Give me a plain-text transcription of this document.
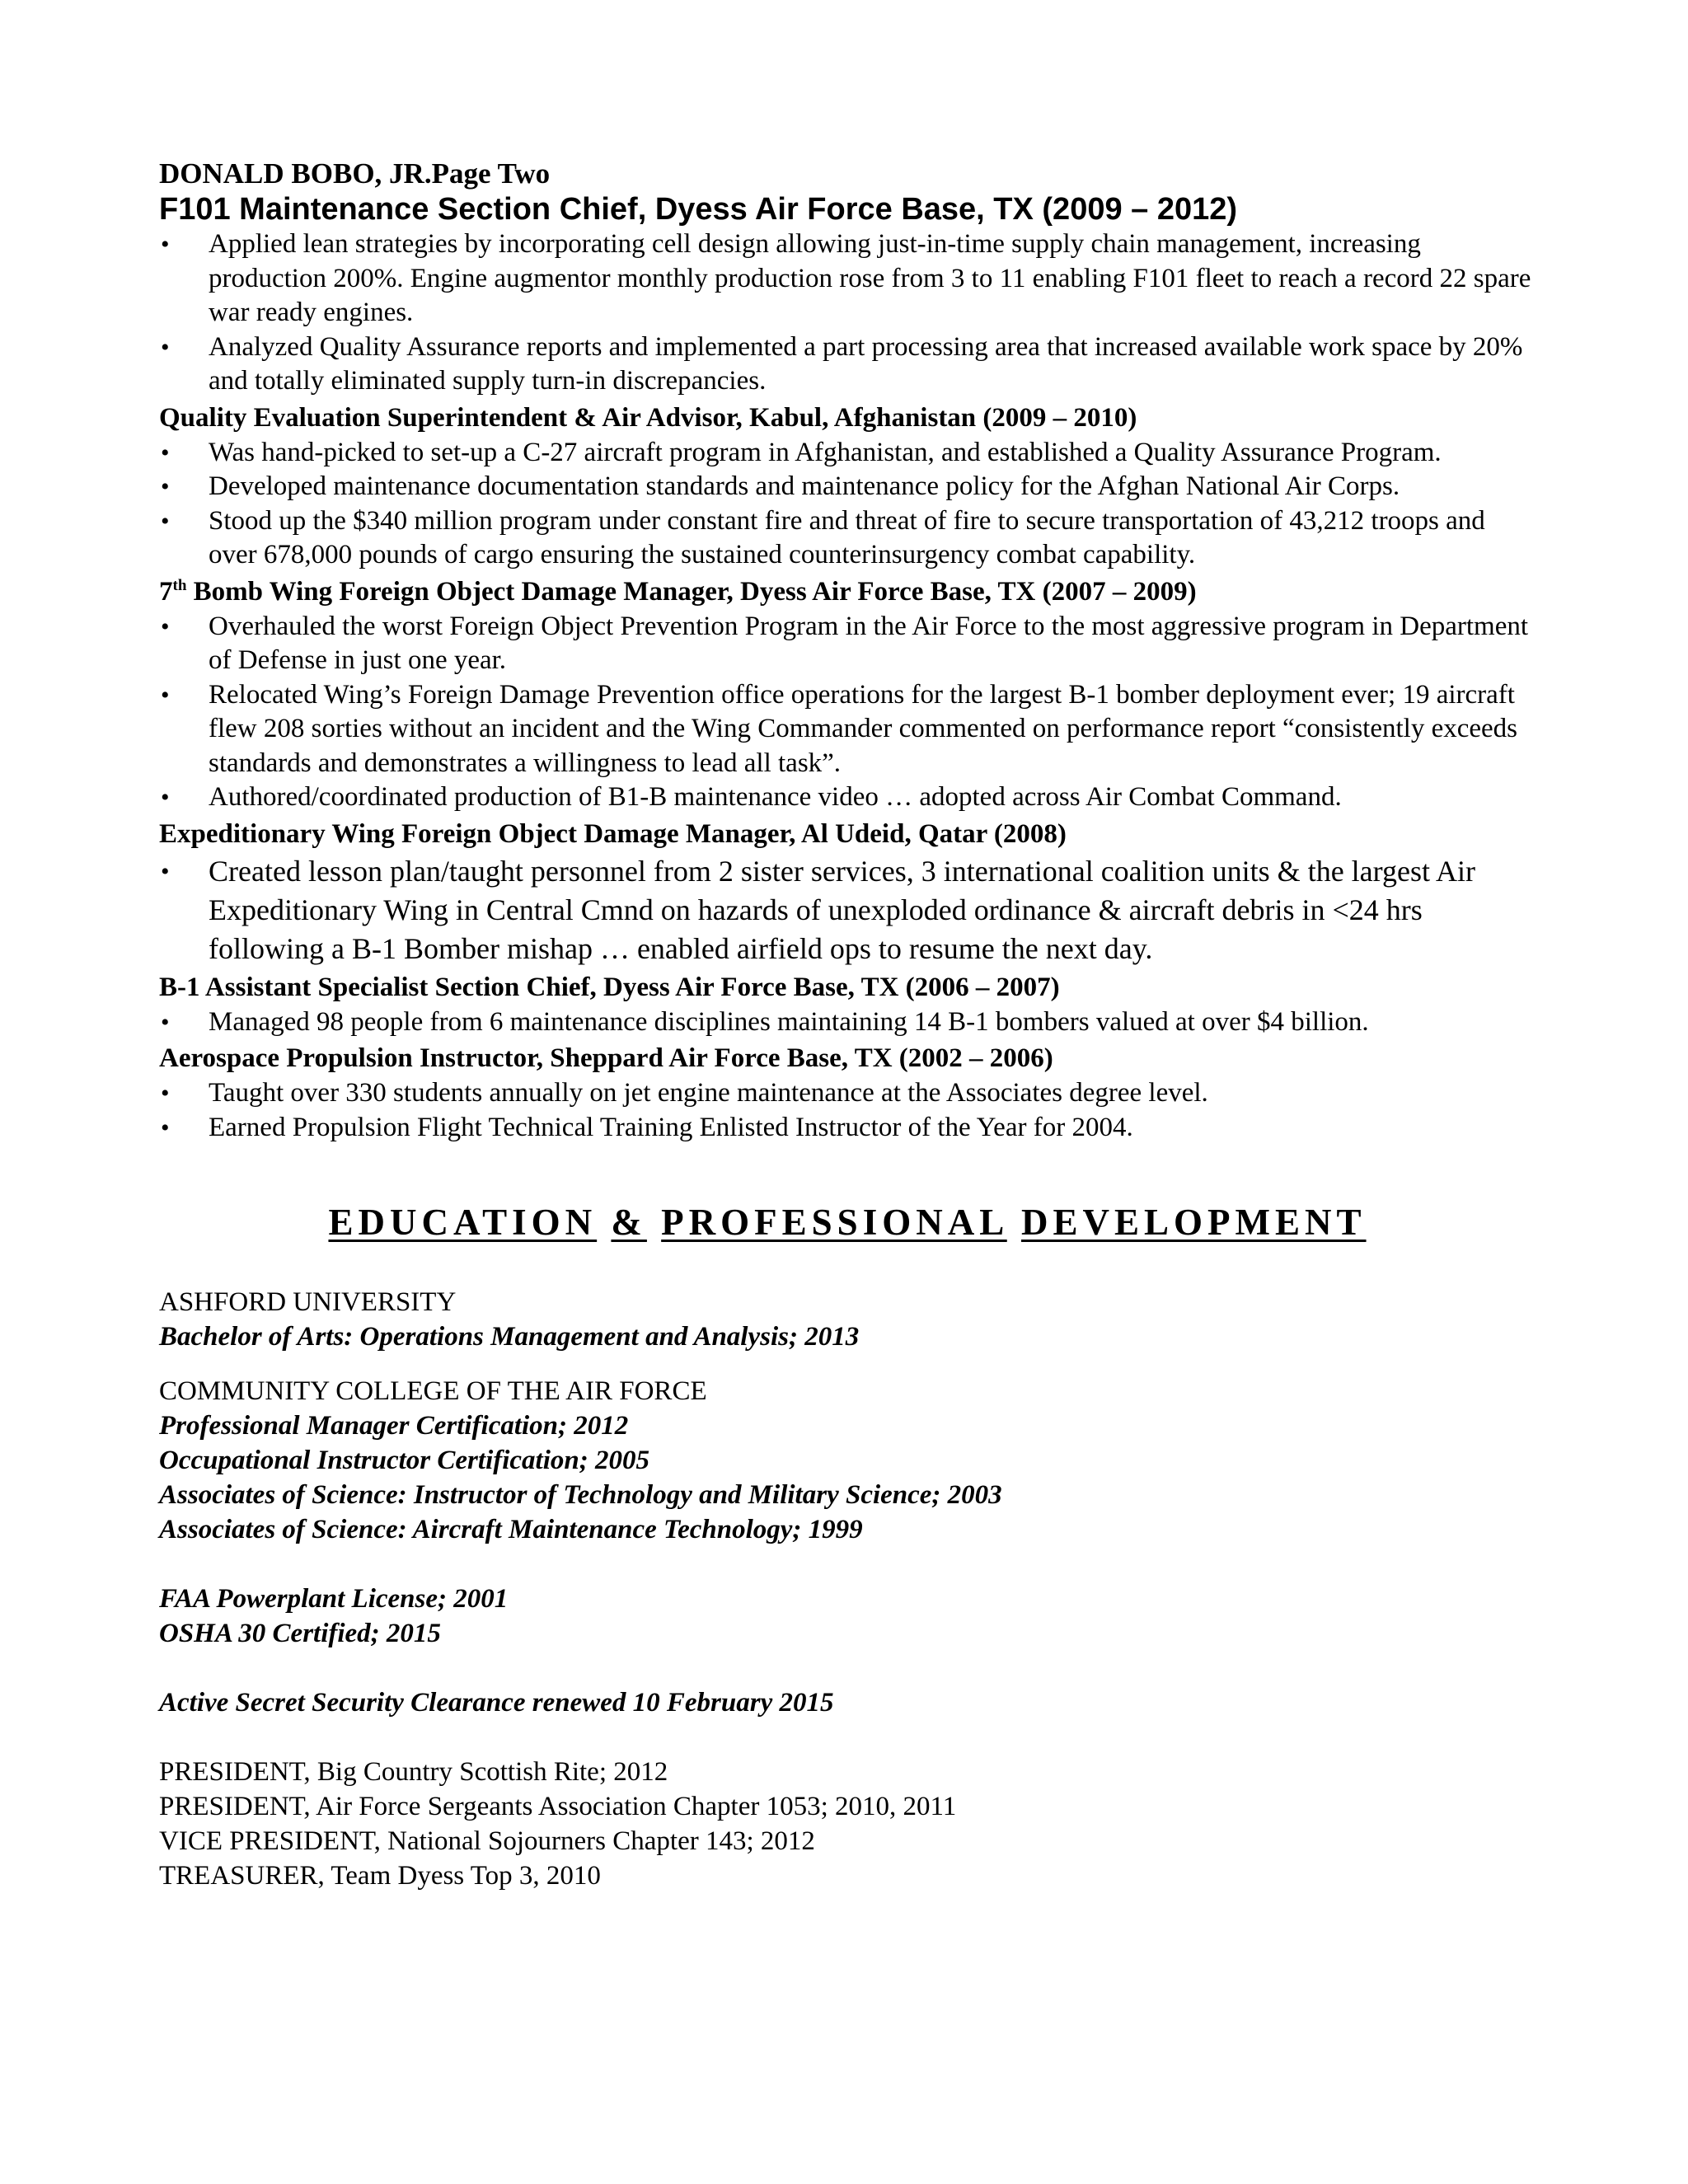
DONALD BOBO, JR.Page Two
F101 Maintenance Section Chief, Dyess Air Force Base, TX (2009 – 2012)
• Applied lean strategies by incorporating cell design allowing just-in-time supply chain management, increasing production 200%. Engine augmentor monthly production rose from 3 to 11 enabling F101 fleet to reach a record 22 spare war ready engines.
• Analyzed Quality Assurance reports and implemented a part processing area that increased available work space by 20% and totally eliminated supply turn-in discrepancies.
Quality Evaluation Superintendent & Air Advisor, Kabul, Afghanistan (2009 – 2010)
• Was hand-picked to set-up a C-27 aircraft program in Afghanistan, and established a Quality Assurance Program.
• Developed maintenance documentation standards and maintenance policy for the Afghan National Air Corps.
• Stood up the $340 million program under constant fire and threat of fire to secure transportation of 43,212 troops and over 678,000 pounds of cargo ensuring the sustained counterinsurgency combat capability.
7th Bomb Wing Foreign Object Damage Manager, Dyess Air Force Base, TX (2007 – 2009)
• Overhauled the worst Foreign Object Prevention Program in the Air Force to the most aggressive program in Department of Defense in just one year.
• Relocated Wing’s Foreign Damage Prevention office operations for the largest B-1 bomber deployment ever; 19 aircraft flew 208 sorties without an incident and the Wing Commander commented on performance report “consistently exceeds standards and demonstrates a willingness to lead all task”.
• Authored/coordinated production of B1-B maintenance video … adopted across Air Combat Command.
Expeditionary Wing Foreign Object Damage Manager, Al Udeid, Qatar (2008)
• Created lesson plan/taught personnel from 2 sister services, 3 international coalition units & the largest Air Expeditionary Wing in Central Cmnd on hazards of unexploded ordinance & aircraft debris in <24 hrs following a B-1 Bomber mishap … enabled airfield ops to resume the next day.
B-1 Assistant Specialist Section Chief, Dyess Air Force Base, TX (2006 – 2007)
• Managed 98 people from 6 maintenance disciplines maintaining 14 B-1 bombers valued at over $4 billion.
Aerospace Propulsion Instructor, Sheppard Air Force Base, TX (2002 – 2006)
• Taught over 330 students annually on jet engine maintenance at the Associates degree level.
• Earned Propulsion Flight Technical Training Enlisted Instructor of the Year for 2004.
EDUCATION & PROFESSIONAL DEVELOPMENT
ASHFORD UNIVERSITY
Bachelor of Arts: Operations Management and Analysis; 2013
COMMUNITY COLLEGE OF THE AIR FORCE
Professional Manager Certification; 2012
Occupational Instructor Certification; 2005
Associates of Science: Instructor of Technology and Military Science; 2003
Associates of Science: Aircraft Maintenance Technology; 1999
FAA Powerplant License; 2001
OSHA 30 Certified; 2015
Active Secret Security Clearance renewed 10 February 2015
PRESIDENT, Big Country Scottish Rite; 2012
PRESIDENT, Air Force Sergeants Association Chapter 1053; 2010, 2011
VICE PRESIDENT, National Sojourners Chapter 143; 2012
TREASURER, Team Dyess Top 3, 2010
